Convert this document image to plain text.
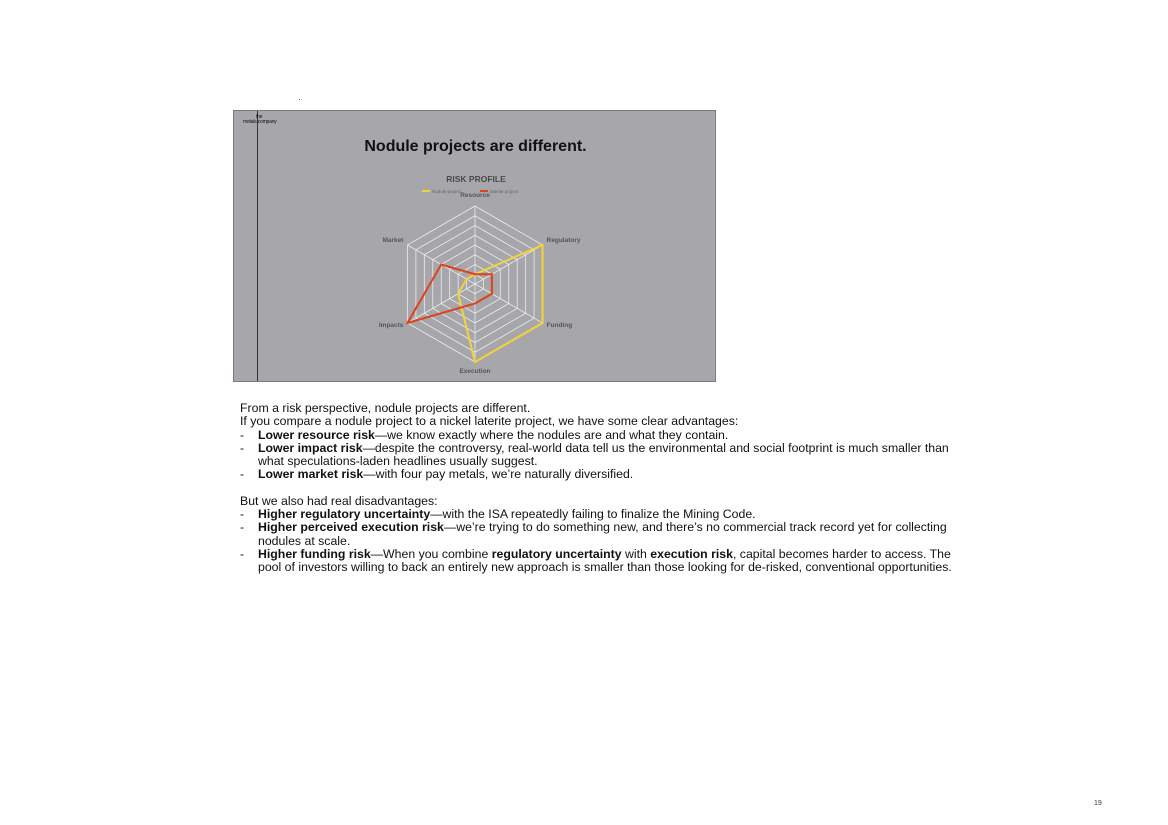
the
metals company
Nodule projects are different.
RISK PROFILE
Nodule project	laterite project
Resource
Regulatory
Funding
Execution
Impacts
Market

From a risk perspective, nodule projects are different.

If you compare a nodule project to a nickel laterite project, we have some clear advantages:

- Lower resource risk—we know exactly where the nodules are and what they contain.
- Lower impact risk—despite the controversy, real-world data tell us the environmental and social footprint is much smaller than what speculations-laden headlines usually suggest.
- Lower market risk—with four pay metals, we’re naturally diversified.

But we also had real disadvantages:

- Higher regulatory uncertainty—with the ISA repeatedly failing to finalize the Mining Code.
- Higher perceived execution risk—we’re trying to do something new, and there’s no commercial track record yet for collecting nodules at scale.
- Higher funding risk—When you combine regulatory uncertainty with execution risk, capital becomes harder to access. The pool of investors willing to back an entirely new approach is smaller than those looking for de-risked, conventional opportunities.
19
